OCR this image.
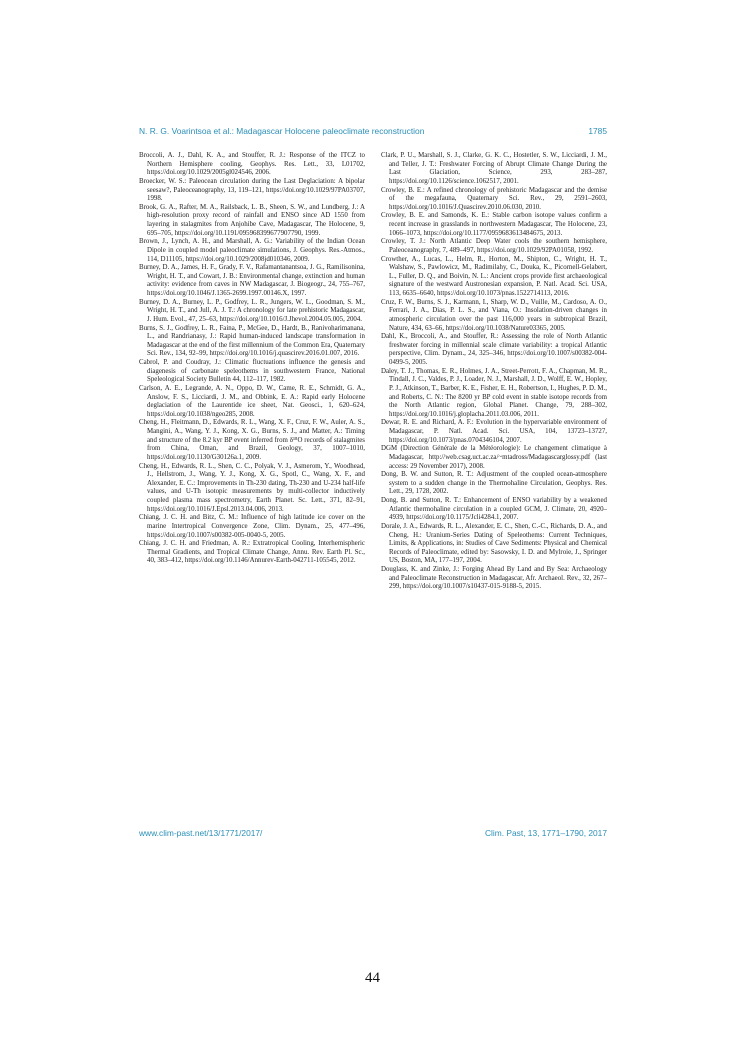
N. R. G. Voarintsoa et al.: Madagascar Holocene paleoclimate reconstruction	1785

Broccoli, A. J., Dahl, K. A., and Stouffer, R. J.: Response of the ITCZ to Northern Hemisphere cooling, Geophys. Res. Lett., 33, L01702, https://doi.org/10.1029/2005gl024546, 2006.

Broecker, W. S.: Paleocean circulation during the Last Deglaciation: A bipolar seesaw?, Paleoceanography, 13, 119–121, https://doi.org/10.1029/97PA03707, 1998.

Brook, G. A., Rafter, M. A., Railsback, L. B., Sheen, S. W., and Lundberg, J.: A high-resolution proxy record of rainfall and ENSO since AD 1550 from layering in stalagmites from Anjohibe Cave, Madagascar, The Holocene, 9, 695–705, https://doi.org/10.1191/095968399677907790, 1999.

Brown, J., Lynch, A. H., and Marshall, A. G.: Variability of the Indian Ocean Dipole in coupled model paleoclimate simulations, J. Geophys. Res.-Atmos., 114, D11105, https://doi.org/10.1029/2008jd010346, 2009.

Burney, D. A., James, H. F., Grady, F. V., Rafamantanantsoa, J. G., Ramilisonina, Wright, H. T., and Cowart, J. B.: Environmental change, extinction and human activity: evidence from caves in NW Madagascar, J. Biogeogr., 24, 755–767, https://doi.org/10.1046/J.1365-2699.1997.00146.X, 1997.

Burney, D. A., Burney, L. P., Godfrey, L. R., Jungers, W. L., Goodman, S. M., Wright, H. T., and Jull, A. J. T.: A chronology for late prehistoric Madagascar, J. Hum. Evol., 47, 25–63, https://doi.org/10.1016/J.Jhevol.2004.05.005, 2004.

Burns, S. J., Godfrey, L. R., Faina, P., McGee, D., Hardt, B., Ranivoharimanana, L., and Randrianasy, J.: Rapid human-induced landscape transformation in Madagascar at the end of the first millennium of the Common Era, Quaternary Sci. Rev., 134, 92–99, https://doi.org/10.1016/j.quascirev.2016.01.007, 2016.

Cabrol, P. and Coudray, J.: Climatic fluctuations influence the genesis and diagenesis of carbonate speleothems in southwestern France, National Speleological Society Bulletin 44, 112–117, 1982.

Carlson, A. E., Legrande, A. N., Oppo, D. W., Came, R. E., Schmidt, G. A., Anslow, F. S., Licciardi, J. M., and Obbink, E. A.: Rapid early Holocene deglaciation of the Laurentide ice sheet, Nat. Geosci., 1, 620–624, https://doi.org/10.1038/ngeo285, 2008.

Cheng, H., Fleitmann, D., Edwards, R. L., Wang, X. F., Cruz, F. W., Auler, A. S., Mangini, A., Wang, Y. J., Kong, X. G., Burns, S. J., and Matter, A.: Timing and structure of the 8.2 kyr BP event inferred from δ¹⁸O records of stalagmites from China, Oman, and Brazil, Geology, 37, 1007–1010, https://doi.org/10.1130/G30126a.1, 2009.

Cheng, H., Edwards, R. L., Shen, C. C., Polyak, V. J., Asmerom, Y., Woodhead, J., Hellstrom, J., Wang, Y. J., Kong, X. G., Spotl, C., Wang, X. F., and Alexander, E. C.: Improvements in Th-230 dating, Th-230 and U-234 half-life values, and U-Th isotopic measurements by multi-collector inductively coupled plasma mass spectrometry, Earth Planet. Sc. Lett., 371, 82–91, https://doi.org/10.1016/J.Epsl.2013.04.006, 2013.

Chiang, J. C. H. and Bitz, C. M.: Influence of high latitude ice cover on the marine Intertropical Convergence Zone, Clim. Dynam., 25, 477–496, https://doi.org/10.1007/s00382-005-0040-5, 2005.

Chiang, J. C. H. and Friedman, A. R.: Extratropical Cooling, Interhemispheric Thermal Gradients, and Tropical Climate Change, Annu. Rev. Earth Pl. Sc., 40, 383–412, https://doi.org/10.1146/Annurev-Earth-042711-105545, 2012.

Clark, P. U., Marshall, S. J., Clarke, G. K. C., Hostetler, S. W., Licciardi, J. M., and Teller, J. T.: Freshwater Forcing of Abrupt Climate Change During the Last Glaciation, Science, 293, 283–287, https://doi.org/10.1126/science.1062517, 2001.

Crowley, B. E.: A refined chronology of prehistoric Madagascar and the demise of the megafauna, Quaternary Sci. Rev., 29, 2591–2603, https://doi.org/10.1016/J.Quascirev.2010.06.030, 2010.

Crowley, B. E. and Samonds, K. E.: Stable carbon isotope values confirm a recent increase in grasslands in northwestern Madagascar, The Holocene, 23, 1066–1073, https://doi.org/10.1177/0959683613484675, 2013.

Crowley, T. J.: North Atlantic Deep Water cools the southern hemisphere, Paleoceanography, 7, 489–497, https://doi.org/10.1029/92PA01058, 1992.

Crowther, A., Lucas, L., Helm, R., Horton, M., Shipton, C., Wright, H. T., Walshaw, S., Pawlowicz, M., Radimilahy, C., Douka, K., Picornell-Gelabert, L., Fuller, D. Q., and Boivin, N. L.: Ancient crops provide first archaeological signature of the westward Austronesian expansion, P. Natl. Acad. Sci. USA, 113, 6635–6640, https://doi.org/10.1073/pnas.1522714113, 2016.

Cruz, F. W., Burns, S. J., Karmann, I., Sharp, W. D., Vuille, M., Cardoso, A. O., Ferrari, J. A., Dias, P. L. S., and Viana, O.: Insolation-driven changes in atmospheric circulation over the past 116,000 years in subtropical Brazil, Nature, 434, 63–66, https://doi.org/10.1038/Nature03365, 2005.

Dahl, K., Broccoli, A., and Stouffer, R.: Assessing the role of North Atlantic freshwater forcing in millennial scale climate variability: a tropical Atlantic perspective, Clim. Dynam., 24, 325–346, https://doi.org/10.1007/s00382-004-0499-5, 2005.

Daley, T. J., Thomas, E. R., Holmes, J. A., Street-Perrott, F. A., Chapman, M. R., Tindall, J. C., Valdes, P. J., Loader, N. J., Marshall, J. D., Wolff, E. W., Hopley, P. J., Atkinson, T., Barber, K. E., Fisher, E. H., Robertson, I., Hughes, P. D. M., and Roberts, C. N.: The 8200 yr BP cold event in stable isotope records from the North Atlantic region, Global Planet. Change, 79, 288–302, https://doi.org/10.1016/j.gloplacha.2011.03.006, 2011.

Dewar, R. E. and Richard, A. F.: Evolution in the hypervariable environment of Madagascar, P. Natl. Acad. Sci. USA, 104, 13723–13727, https://doi.org/10.1073/pnas.0704346104, 2007.

DGM (Direction Générale de la Météorologie): Le changement climatique à Madagascar, http://web.csag.uct.ac.za/~mtadross/Madagascarglossy.pdf (last access: 29 November 2017), 2008.

Dong, B. W. and Sutton, R. T.: Adjustment of the coupled ocean-atmosphere system to a sudden change in the Thermohaline Circulation, Geophys. Res. Lett., 29, 1728, 2002.

Dong, B. and Sutton, R. T.: Enhancement of ENSO variability by a weakened Atlantic thermohaline circulation in a coupled GCM, J. Climate, 20, 4920–4939, https://doi.org/10.1175/Jcli4284.1, 2007.

Dorale, J. A., Edwards, R. L., Alexander, E. C., Shen, C.-C., Richards, D. A., and Cheng, H.: Uranium-Series Dating of Speleothems: Current Techniques, Limits, & Applications, in: Studies of Cave Sediments: Physical and Chemical Records of Paleoclimate, edited by: Sasowsky, I. D. and Mylroie, J., Springer US, Boston, MA, 177–197, 2004.

Douglass, K. and Zinke, J.: Forging Ahead By Land and By Sea: Archaeology and Paleoclimate Reconstruction in Madagascar, Afr. Archaeol. Rev., 32, 267–299, https://doi.org/10.1007/s10437-015-9188-5, 2015.

www.clim-past.net/13/1771/2017/	Clim. Past, 13, 1771–1790, 2017
44
